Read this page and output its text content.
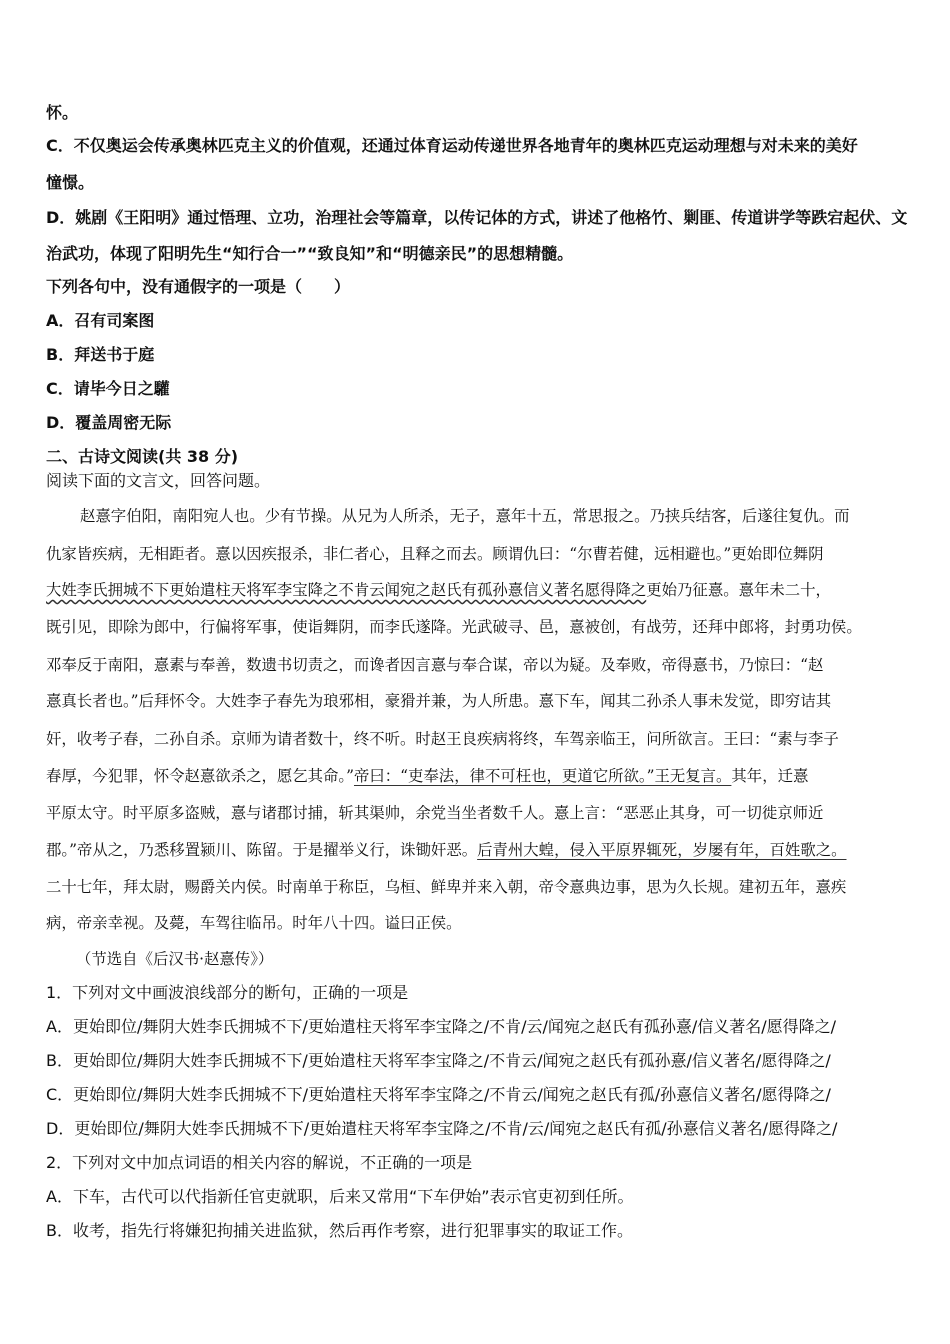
怀。
C．不仅奥运会传承奥林匹克主义的价值观，还通过体育运动传递世界各地青年的奥林匹克运动理想与对未来的美好
憧憬。
D．姚剧《王阳明》通过悟理、立功，治理社会等篇章，以传记体的方式，讲述了他格竹、剿匪、传道讲学等跌宕起伏、文
治武功，体现了阳明先生“知行合一”“致良知”和“明德亲民”的思想精髓。
下列各句中，没有通假字的一项是（　　）
A．召有司案图
B．拜送书于庭
C．请毕今日之驩
D．覆盖周密无际
二、古诗文阅读(共 38 分)
阅读下面的文言文，回答问题。
赵憙字伯阳，南阳宛人也。少有节操。从兄为人所杀，无子，憙年十五，常思报之。乃挟兵结客，后遂往复仇。而
仇家皆疾病，无相距者。憙以因疾报杀，非仁者心，且释之而去。顾谓仇曰：“尔曹若健，远相避也。”更始即位舞阴
大姓李氏拥城不下更始遣柱天将军李宝降之不肯云闻宛之赵氏有孤孙憙信义著名愿得降之更始乃征憙。憙年未二十，
既引见，即除为郎中，行偏将军事，使诣舞阴，而李氏遂降。光武破寻、邑，憙被创，有战劳，还拜中郎将，封勇功侯。
邓奉反于南阳，憙素与奉善，数遗书切责之，而谗者因言憙与奉合谋，帝以为疑。及奉败，帝得憙书，乃惊曰：“赵
憙真长者也。”后拜怀令。大姓李子春先为琅邪相，豪猾并兼，为人所患。憙下车，闻其二孙杀人事未发觉，即穷诘其
奸，收考子春，二孙自杀。京师为请者数十，终不听。时赵王良疾病将终，车驾亲临王，问所欲言。王曰：“素与李子
春厚，今犯罪，怀令赵憙欲杀之，愿乞其命。”帝曰：“吏奉法，律不可枉也，更道它所欲。”王无复言。其年，迁憙
平原太守。时平原多盗贼，憙与诸郡讨捕，斩其渠帅，余党当坐者数千人。憙上言：“恶恶止其身，可一切徙京师近
郡。”帝从之，乃悉移置颍川、陈留。于是擢举义行，诛锄奸恶。后青州大蝗，侵入平原界辄死，岁屡有年，百姓歌之。
二十七年，拜太尉，赐爵关内侯。时南单于称臣，乌桓、鲜卑并来入朝，帝令憙典边事，思为久长规。建初五年，憙疾
病，帝亲幸视。及薨，车驾往临吊。时年八十四。谥曰正侯。
（节选自《后汉书·赵憙传》）
1．下列对文中画波浪线部分的断句，正确的一项是
A．更始即位/舞阴大姓李氏拥城不下/更始遣柱天将军李宝降之/不肯/云/闻宛之赵氏有孤孙憙/信义著名/愿得降之/
B．更始即位/舞阴大姓李氏拥城不下/更始遣柱天将军李宝降之/不肯云/闻宛之赵氏有孤孙憙/信义著名/愿得降之/
C．更始即位/舞阴大姓李氏拥城不下/更始遣柱天将军李宝降之/不肯云/闻宛之赵氏有孤/孙憙信义著名/愿得降之/
D．更始即位/舞阴大姓李氏拥城不下/更始遣柱天将军李宝降之/不肯/云/闻宛之赵氏有孤/孙憙信义著名/愿得降之/
2．下列对文中加点词语的相关内容的解说，不正确的一项是
A．下车，古代可以代指新任官吏就职，后来又常用“下车伊始”表示官吏初到任所。
B．收考，指先行将嫌犯拘捕关进监狱，然后再作考察，进行犯罪事实的取证工作。
